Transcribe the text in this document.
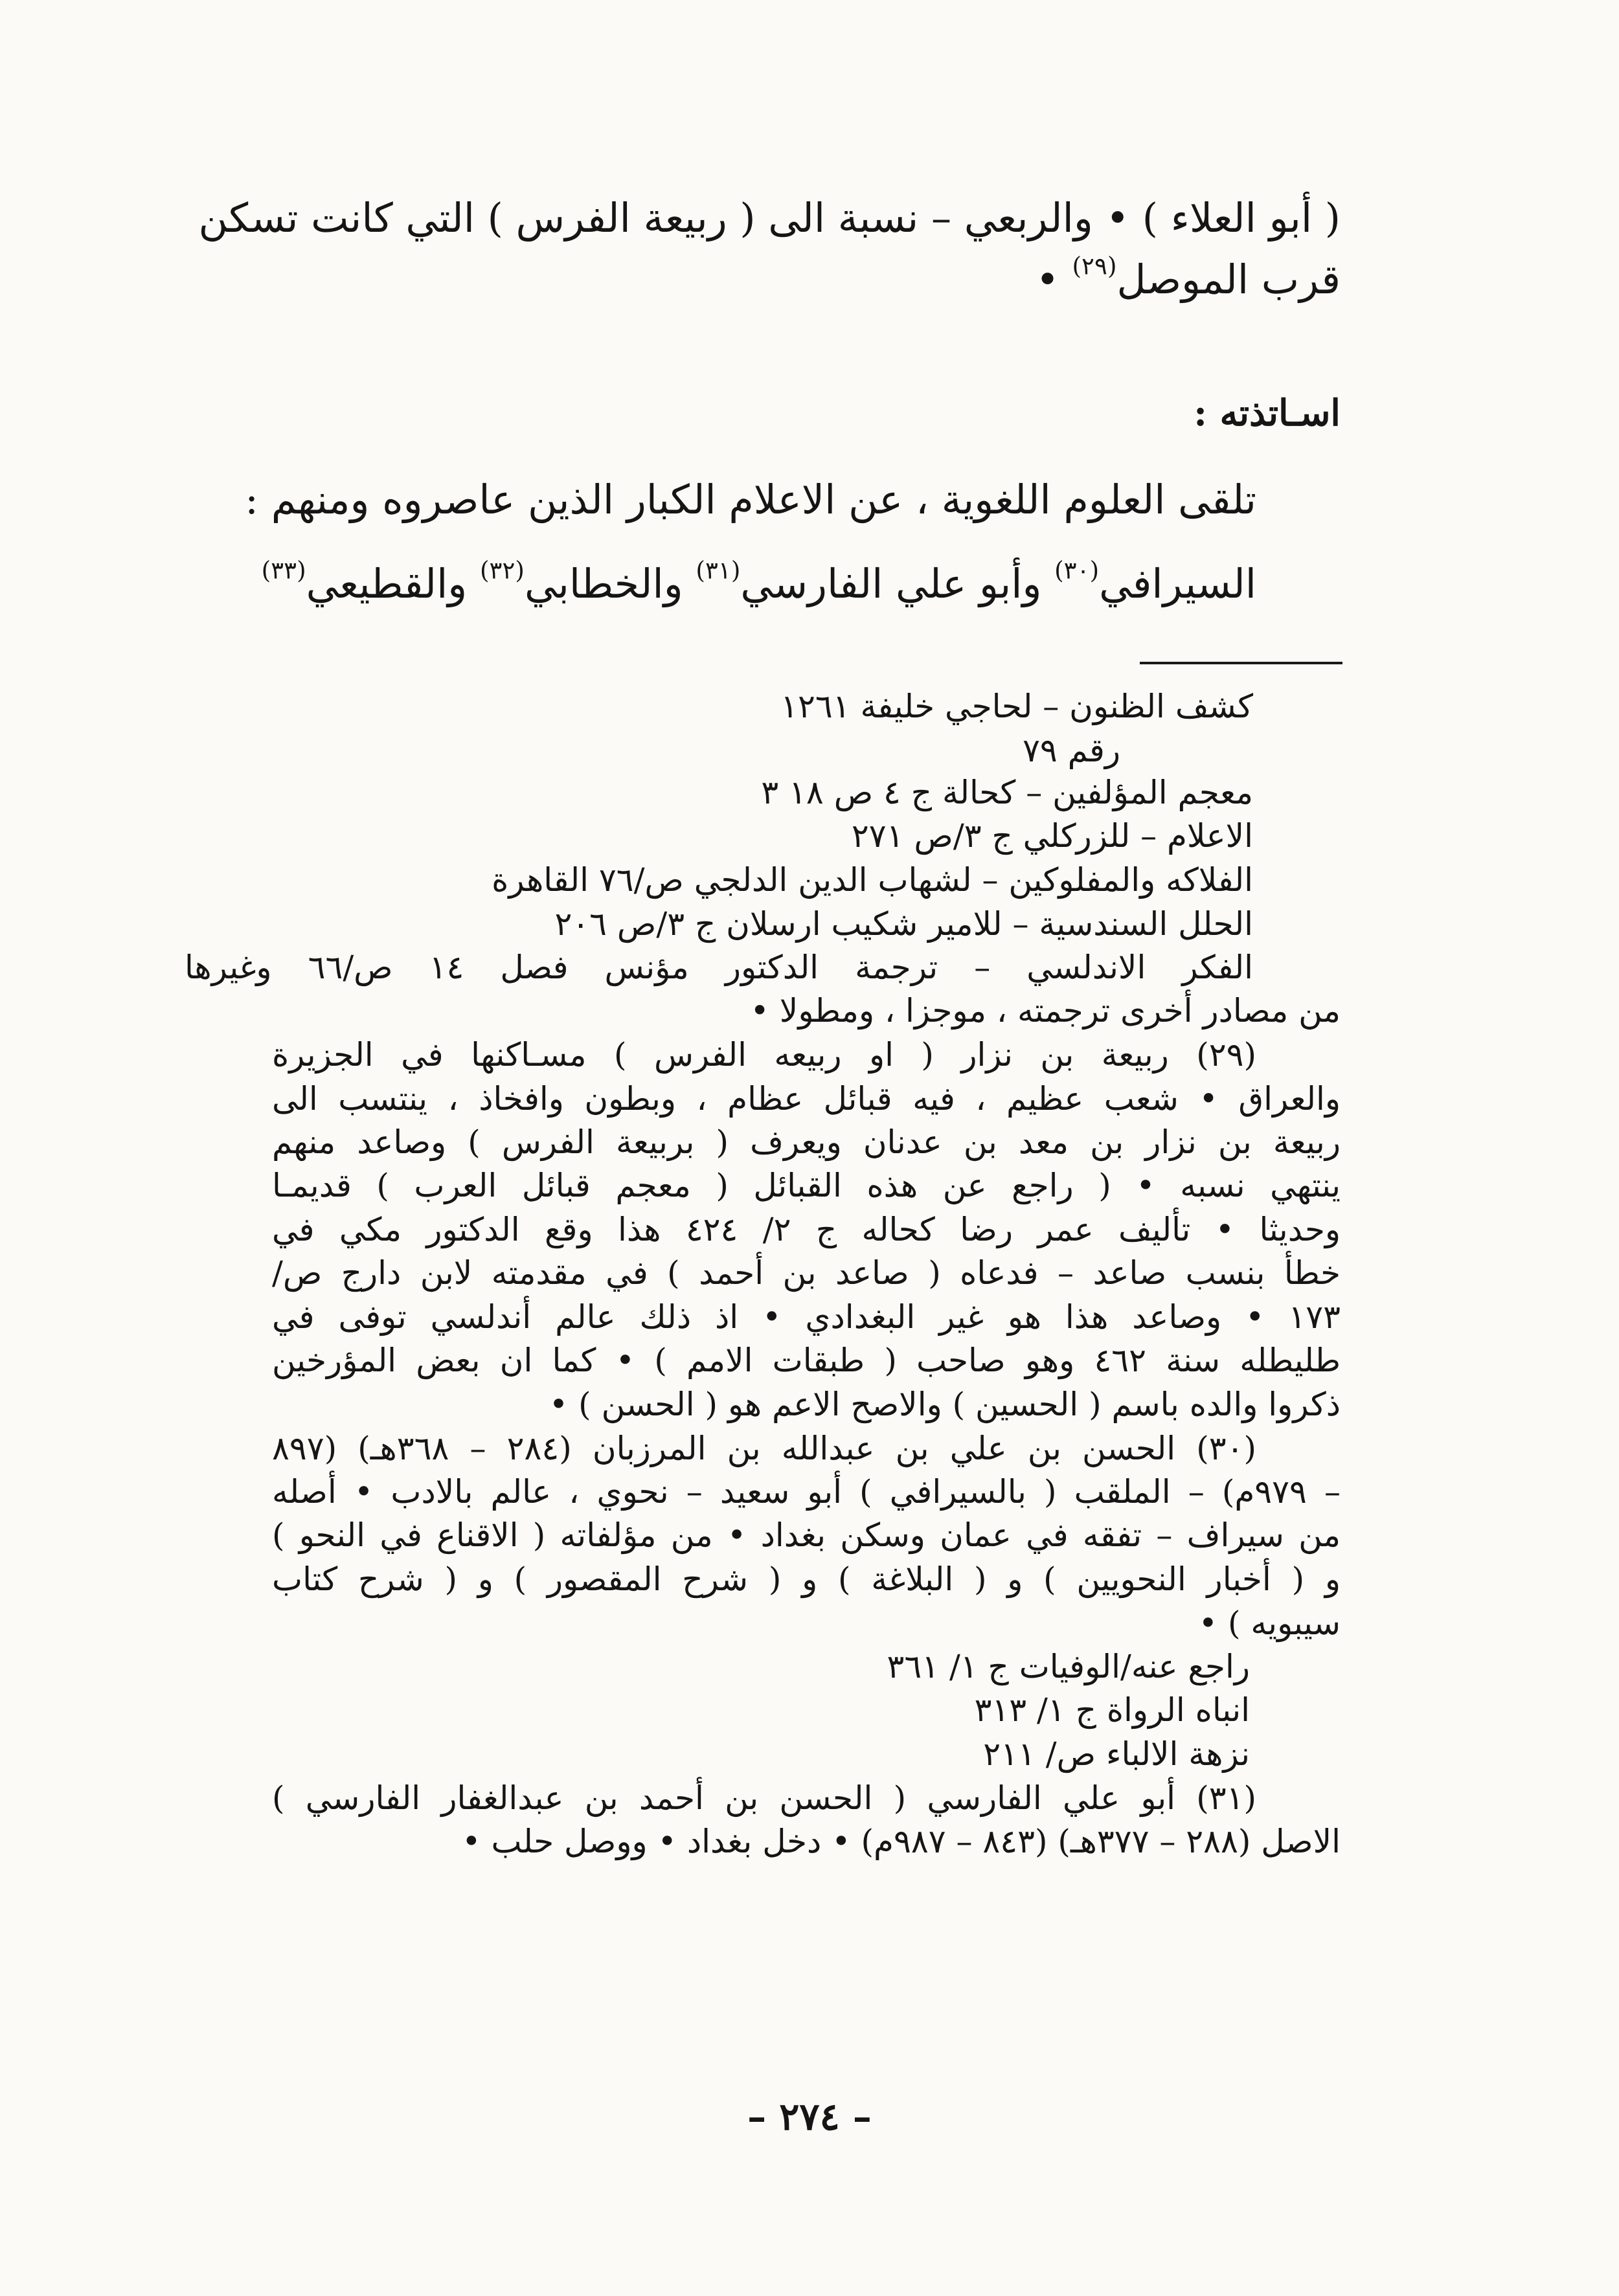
( أبو العلاء ) • والربعي – نسبة الى ( ربيعة الفرس ) التي كانت تسكن

قرب الموصل$^{(٢٩)}$ •

اسـاتذته :

تلقى العلوم اللغوية ، عن الاعلام الكبار الذين عاصروه ومنهم :

السيرافي$^{(٣٠)}$ وأبو علي الفارسي$^{(٣١)}$ والخطابي$^{(٣٢)}$ والقطيعي$^{(٣٣)}$

كشف الظنون – لحاجي خليفة ١٢٦١

رقم ٧٩

معجم المؤلفين – كحالة ج ٤ ص ١٨ ٣

الاعلام – للزركلي ج ٣/ص ٢٧١

الفلاكه والمفلوكين – لشهاب الدين الدلجي ص/٧٦ القاهرة

الحلل السندسية – للامير شكيب ارسلان ج ٣/ص ٢٠٦

الفكر الاندلسي – ترجمة الدكتور مؤنس فصل ١٤ ص/٦٦ وغيرها

من مصادر أخرى ترجمته ، موجزا ، ومطولا •

(٢٩) ربيعة بن نزار ( او ربيعه الفرس ) مسـاكنها في الجزيرة

والعراق • شعب عظيم ، فيه قبائل عظام ، وبطون وافخاذ ، ينتسب الى

ربيعة بن نزار بن معد بن عدنان ويعرف ( بربيعة الفرس ) وصاعد منهم

ينتهي نسبه • ( راجع عن هذه القبائل ( معجم قبائل العرب ) قديمـا

وحديثا • تأليف عمر رضا كحاله ج ٢/ ٤٢٤ هذا وقع الدكتور مكي في

خطأ بنسب صاعد – فدعاه ( صاعد بن أحمد ) في مقدمته لابن دارج ص/

١٧٣ • وصاعد هذا هو غير البغدادي • اذ ذلك عالم أندلسي توفى في

طليطله سنة ٤٦٢ وهو صاحب ( طبقات الامم ) • كما ان بعض المؤرخين

ذكروا والده باسم ( الحسين ) والاصح الاعم هو ( الحسن ) •

(٣٠) الحسن بن علي بن عبدالله بن المرزبان (٢٨٤ – ٣٦٨هـ) (٨٩٧

– ٩٧٩م) – الملقب ( بالسيرافي ) أبو سعيد – نحوي ، عالم بالادب • أصله

من سيراف – تفقه في عمان وسكن بغداد • من مؤلفاته ( الاقناع في النحو )

و ( أخبار النحويين ) و ( البلاغة ) و ( شرح المقصور ) و ( شرح كتاب

سيبويه ) •

راجع عنه/الوفيات ج ١/ ٣٦١

انباه الرواة ج ١/ ٣١٣

نزهة الالباء ص/ ٢١١

(٣١) أبو علي الفارسي ( الحسن بن أحمد بن عبدالغفار الفارسي )

الاصل (٢٨٨ – ٣٧٧هـ) (٨٤٣ – ٩٨٧م) • دخل بغداد • ووصل حلب •

– ٢٧٤ –
